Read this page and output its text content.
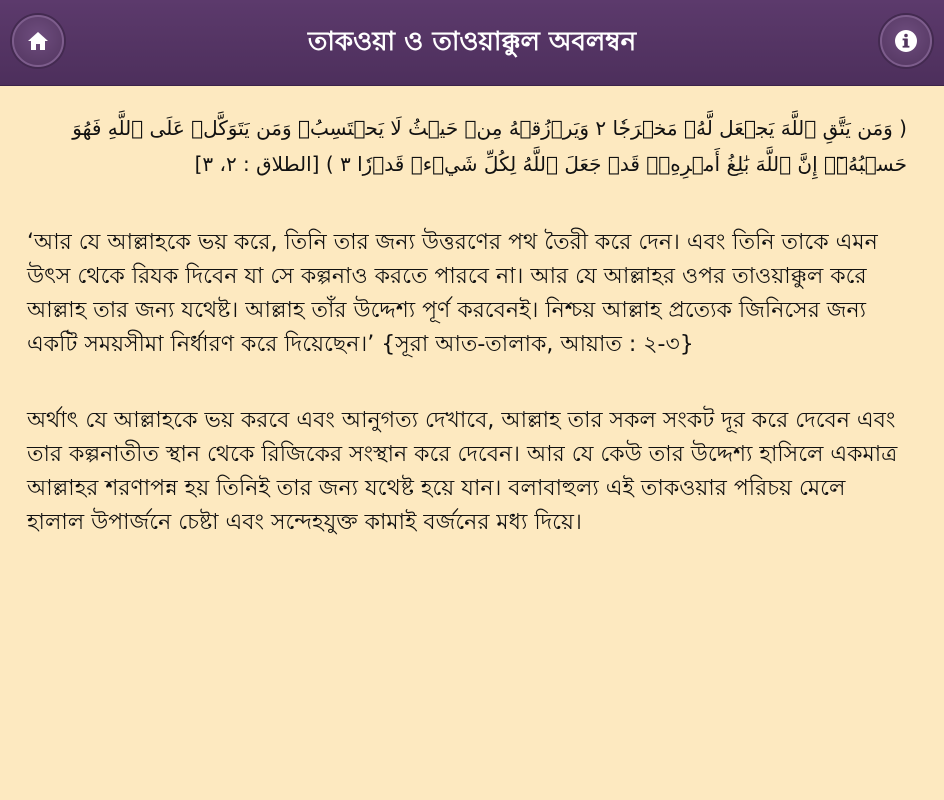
তাকওয়া ও তাওয়াক্কুল অবলম্বন

( وَمَن يَتَّقِ ٱللَّهَ يَجۡعَل لَّهُۥ مَخۡرَجٗا ٢ وَيَرۡزُقۡهُ مِنۡ حَيۡثُ لَا يَحۡتَسِبُۚ وَمَن يَتَوَكَّلۡ عَلَى ٱللَّهِ فَهُوَ حَسۡبُهُۥٓۚ إِنَّ ٱللَّهَ بَٰلِغُ أَمۡرِهِۦۚ قَدۡ جَعَلَ ٱللَّهُ لِكُلِّ شَيۡءٖ قَدۡرٗا ٣ ) [الطلاق : ٢، ٣]

‘আর যে আল্লাহকে ভয় করে, তিনি তার জন্য উত্তরণের পথ তৈরী করে দেন। এবং তিনি তাকে এমন উৎস থেকে রিযক দিবেন যা সে কল্পনাও করতে পারবে না। আর যে আল্লাহর ওপর তাওয়াক্কুল করে আল্লাহ তার জন্য যথেষ্ট। আল্লাহ তাঁর উদ্দেশ্য পূর্ণ করবেনই। নিশ্চয় আল্লাহ প্রত্যেক জিনিসের জন্য একটি সময়সীমা নির্ধারণ করে দিয়েছেন।’ {সূরা আত-তালাক, আয়াত : ২-৩}

অর্থাৎ যে আল্লাহকে ভয় করবে এবং আনুগত্য দেখাবে, আল্লাহ তার সকল সংকট দূর করে দেবেন এবং তার কল্পনাতীত স্থান থেকে রিজিকের সংস্থান করে দেবেন। আর যে কেউ তার উদ্দেশ্য হাসিলে একমাত্র আল্লাহর শরণাপন্ন হয় তিনিই তার জন্য যথেষ্ট হয়ে যান। বলাবাহুল্য এই তাকওয়ার পরিচয় মেলে হালাল উপার্জনে চেষ্টা এবং সন্দেহযুক্ত কামাই বর্জনের মধ্য দিয়ে।
